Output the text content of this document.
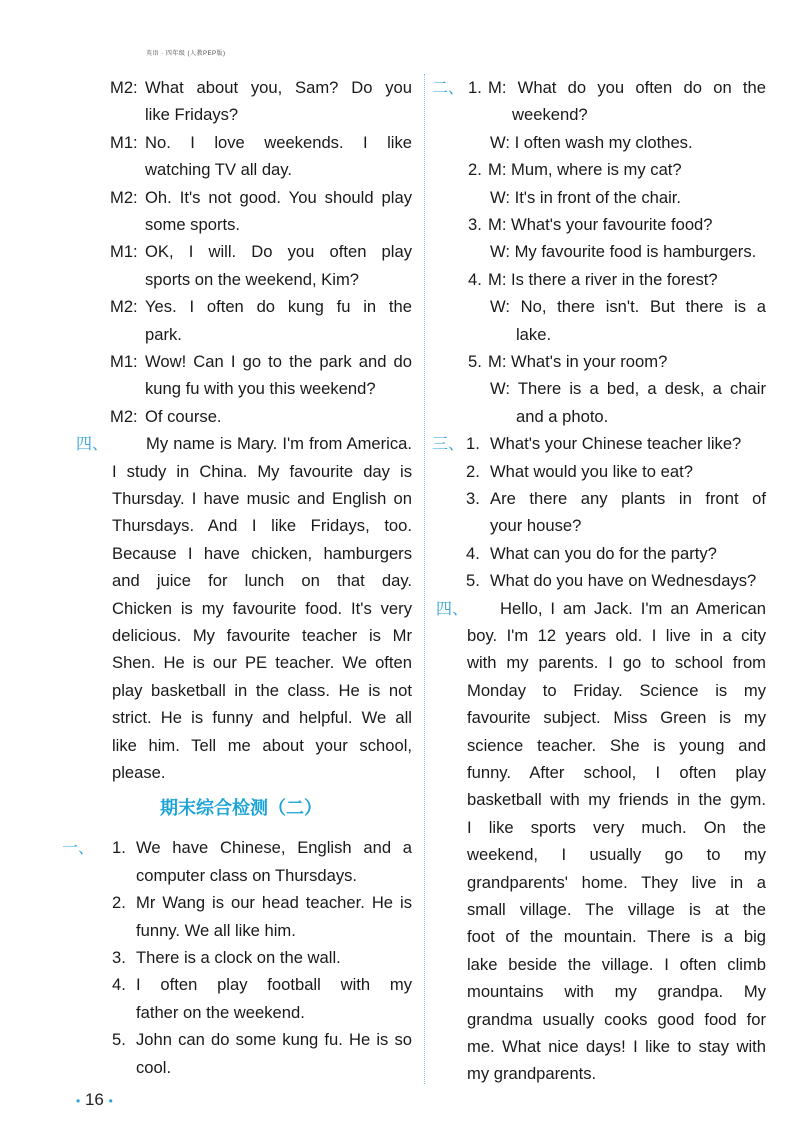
英语 · 四年级 (人教PEP版)
M2: What about you, Sam? Do you
like Fridays?
M1: No. I love weekends. I like
watching TV all day.
M2: Oh. It's not good. You should play
some sports.
M1: OK, I will. Do you often play
sports on the weekend, Kim?
M2: Yes. I often do kung fu in the
park.
M1: Wow! Can I go to the park and do
kung fu with you this weekend?
M2: Of course.
四、 My name is Mary. I'm from America.
I study in China. My favourite day is
Thursday. I have music and English on
Thursdays. And I like Fridays, too.
Because I have chicken, hamburgers
and juice for lunch on that day.
Chicken is my favourite food. It's very
delicious. My favourite teacher is Mr
Shen. He is our PE teacher. We often
play basketball in the class. He is not
strict. He is funny and helpful. We all
like him. Tell me about your school,
please.
期末综合检测（二）
一、 1. We have Chinese, English and a
computer class on Thursdays.
2. Mr Wang is our head teacher. He is
funny. We all like him.
3. There is a clock on the wall.
4. I often play football with my
father on the weekend.
5. John can do some kung fu. He is so
cool.
二、 1. M: What do you often do on the
weekend?
W: I often wash my clothes.
2. M: Mum, where is my cat?
W: It's in front of the chair.
3. M: What's your favourite food?
W: My favourite food is hamburgers.
4. M: Is there a river in the forest?
W: No, there isn't. But there is a
lake.
5. M: What's in your room?
W: There is a bed, a desk, a chair
and a photo.
三、 1. What's your Chinese teacher like?
2. What would you like to eat?
3. Are there any plants in front of
your house?
4. What can you do for the party?
5. What do you have on Wednesdays?
四、 Hello, I am Jack. I'm an American
boy. I'm 12 years old. I live in a city
with my parents. I go to school from
Monday to Friday. Science is my
favourite subject. Miss Green is my
science teacher. She is young and
funny. After school, I often play
basketball with my friends in the gym.
I like sports very much. On the
weekend, I usually go to my
grandparents' home. They live in a
small village. The village is at the
foot of the mountain. There is a big
lake beside the village. I often climb
mountains with my grandpa. My
grandma usually cooks good food for
me. What nice days! I like to stay with
my grandparents.
• 16 •
